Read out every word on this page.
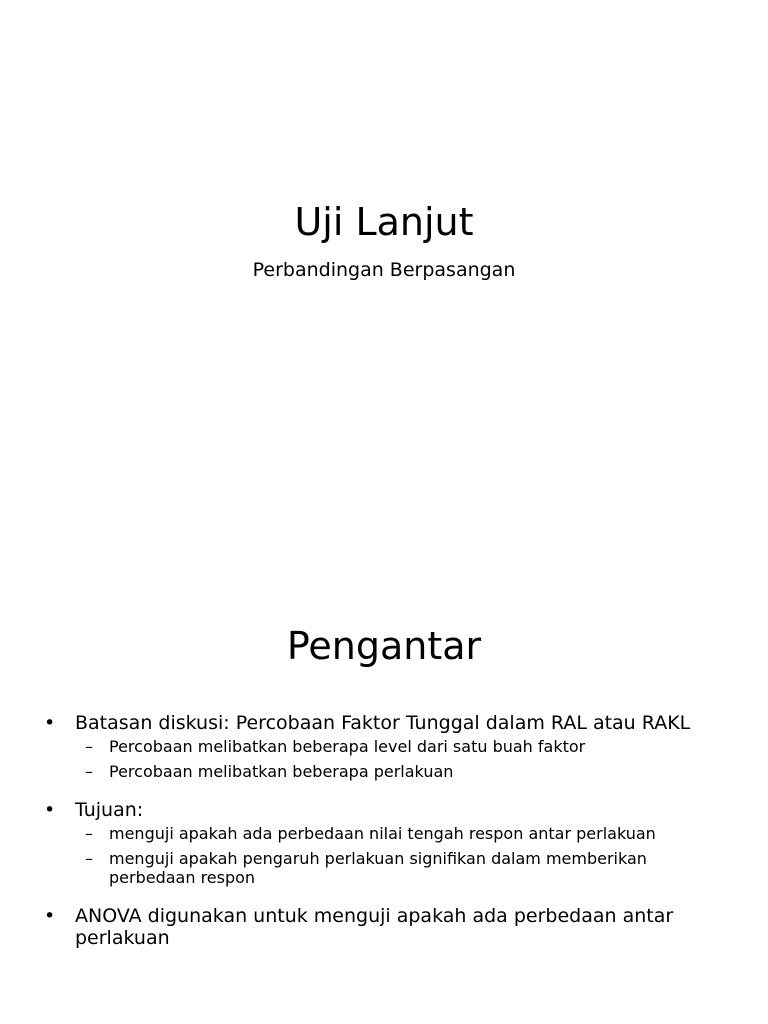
Uji Lanjut
Perbandingan Berpasangan
Pengantar
• Batasan diskusi: Percobaan Faktor Tunggal dalam RAL atau RAKL
– Percobaan melibatkan beberapa level dari satu buah faktor
– Percobaan melibatkan beberapa perlakuan
• Tujuan:
– menguji apakah ada perbedaan nilai tengah respon antar perlakuan
– menguji apakah pengaruh perlakuan signifikan dalam memberikan perbedaan respon
• ANOVA digunakan untuk menguji apakah ada perbedaan antar perlakuan
